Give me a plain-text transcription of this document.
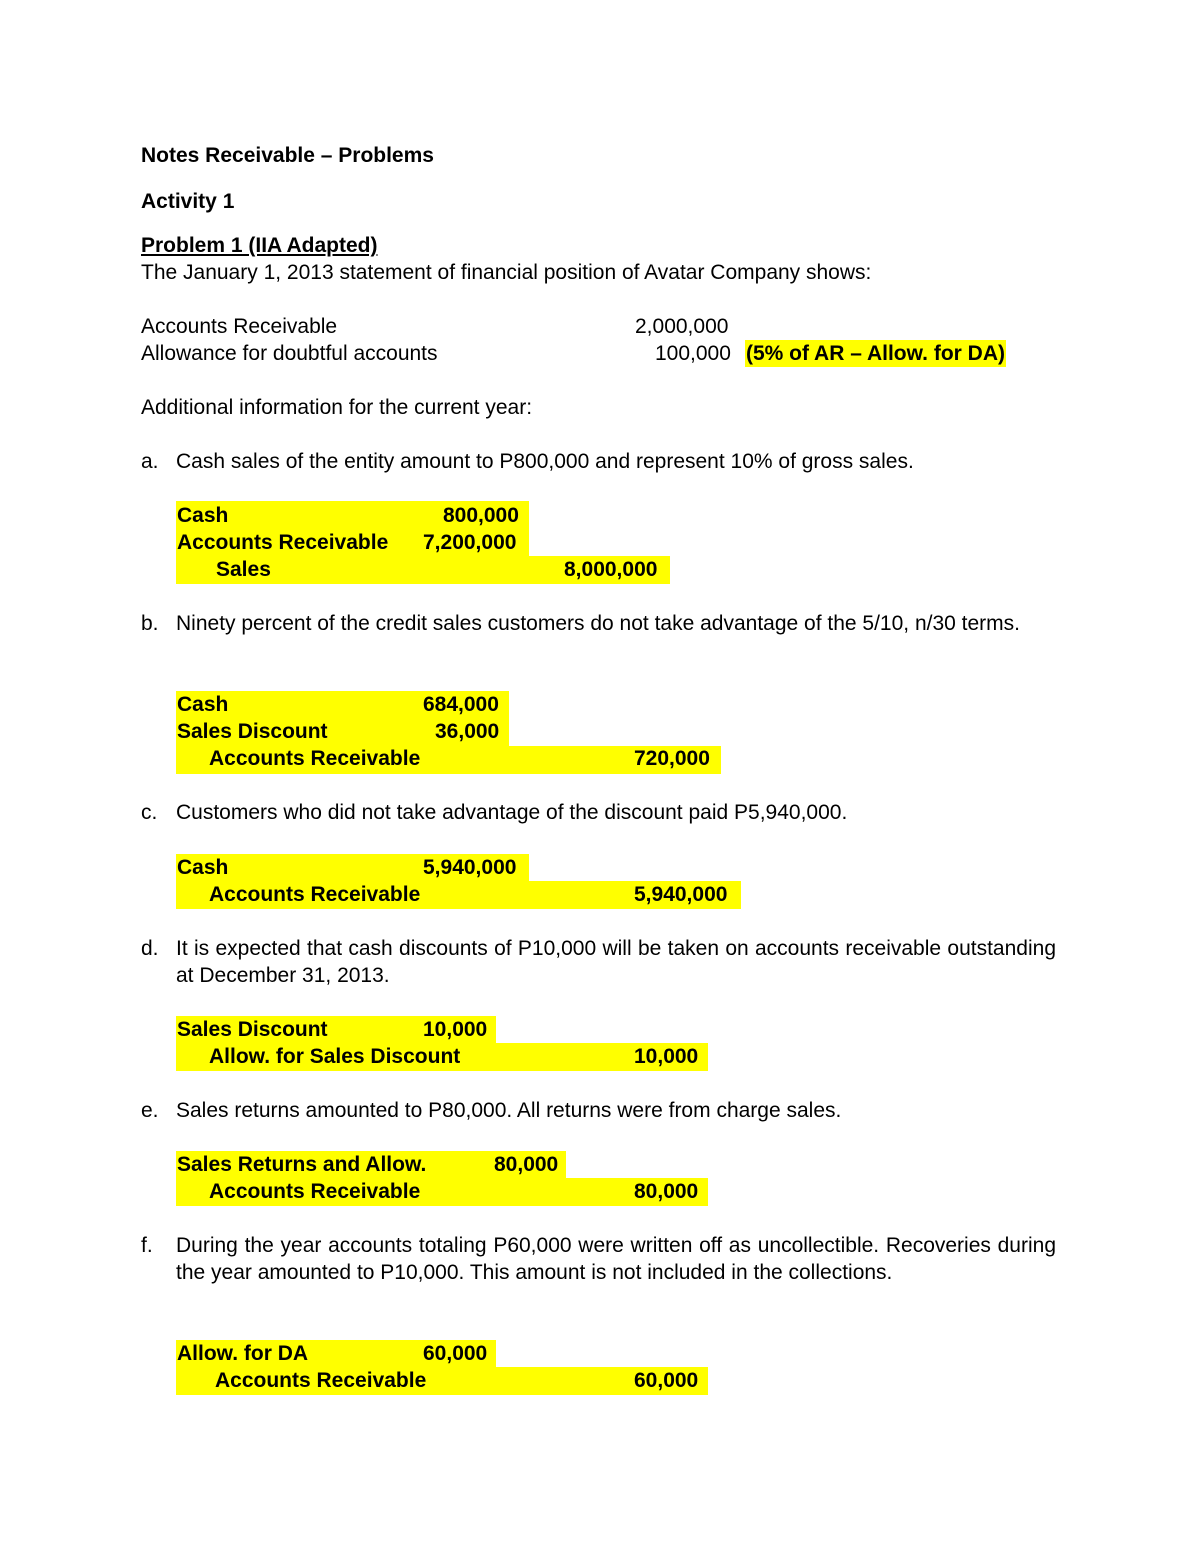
Notes Receivable – Problems
Activity 1
Problem 1 (IIA Adapted)
The January 1, 2013 statement of financial position of Avatar Company shows:
Accounts Receivable	2,000,000
Allowance for doubtful accounts	100,000 (5% of AR – Allow. for DA)
Additional information for the current year:
a. Cash sales of the entity amount to P800,000 and represent 10% of gross sales.
Cash	800,000
Accounts Receivable 7,200,000
Sales	8,000,000
b. Ninety percent of the credit sales customers do not take advantage of the 5/10, n/30 terms.
Cash	684,000
Sales Discount	36,000
Accounts Receivable	720,000
c. Customers who did not take advantage of the discount paid P5,940,000.
Cash	5,940,000
Accounts Receivable	5,940,000
d. It is expected that cash discounts of P10,000 will be taken on accounts receivable outstanding at December 31, 2013.
Sales Discount	10,000
Allow. for Sales Discount	10,000
e. Sales returns amounted to P80,000. All returns were from charge sales.
Sales Returns and Allow.	80,000
Accounts Receivable	80,000
f. During the year accounts totaling P60,000 were written off as uncollectible. Recoveries during the year amounted to P10,000. This amount is not included in the collections.
Allow. for DA	60,000
Accounts Receivable	60,000
